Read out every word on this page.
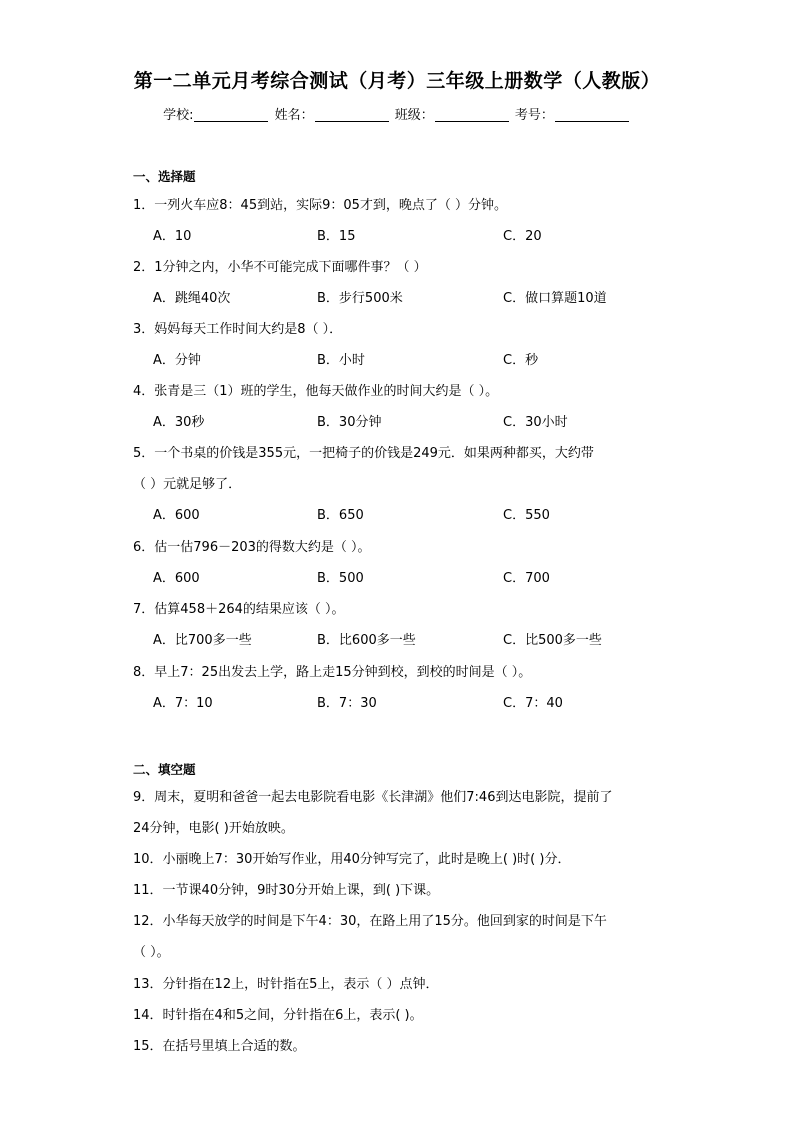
第一二单元月考综合测试（月考）三年级上册数学（人教版）
学校:	姓名：	班级：	考号：
一、选择题
1．一列火车应8：45到站，实际9：05才到，晚点了（ ）分钟。
A．10	B．15	C．20
2．1分钟之内，小华不可能完成下面哪件事？（ ）
A．跳绳40次	B．步行500米	C．做口算题10道
3．妈妈每天工作时间大约是8（ ）．
A．分钟	B．小时	C．秒
4．张青是三（1）班的学生，他每天做作业的时间大约是（ ）。
A．30秒	B．30分钟	C．30小时
5．一个书桌的价钱是355元，一把椅子的价钱是249元．如果两种都买，大约带
（ ）元就足够了．
A．600	B．650	C．550
6．估一估796－203的得数大约是（ ）。
A．600	B．500	C．700
7．估算458＋264的结果应该（ ）。
A．比700多一些	B．比600多一些	C．比500多一些
8．早上7：25出发去上学，路上走15分钟到校，到校的时间是（ ）。
A．7：10	B．7：30	C．7：40
二、填空题
9．周末，夏明和爸爸一起去电影院看电影《长津湖》他们7:46到达电影院，提前了
24分钟，电影( )开始放映。
10．小丽晚上7：30开始写作业，用40分钟写完了，此时是晚上( )时( )分．
11．一节课40分钟，9时30分开始上课，到( )下课。
12．小华每天放学的时间是下午4：30，在路上用了15分。他回到家的时间是下午
（ ）。
13．分针指在12上，时针指在5上，表示（ ）点钟．
14．时针指在4和5之间，分针指在6上，表示( )。
15．在括号里填上合适的数。
